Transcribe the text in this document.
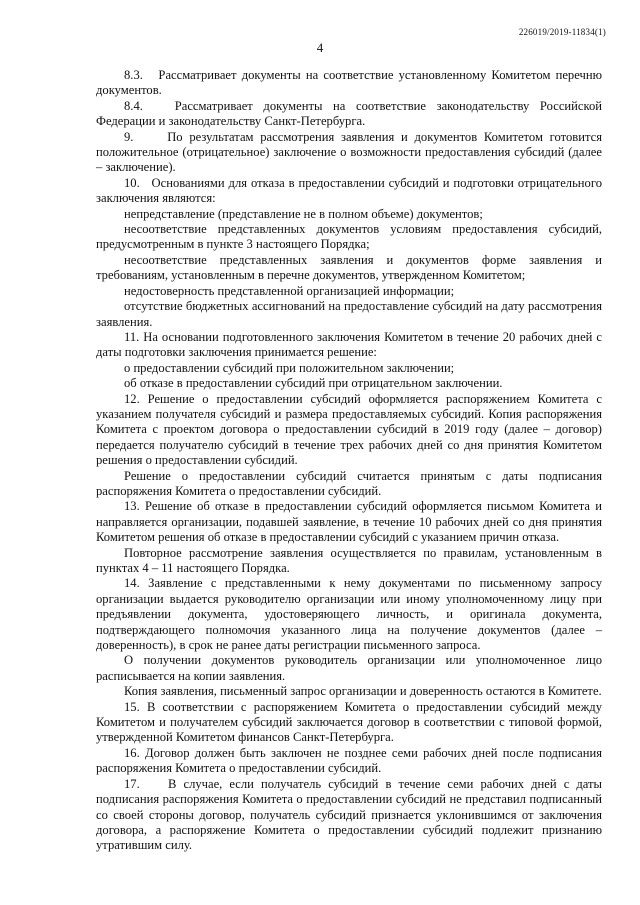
226019/2019-11834(1)
4

8.3.   Рассматривает документы на соответствие установленному Комитетом перечню документов.

8.4.   Рассматривает документы на соответствие законодательству Российской Федерации и законодательству Санкт-Петербурга.

9.     По результатам рассмотрения заявления и документов Комитетом готовится положительное (отрицательное) заключение о возможности предоставления субсидий (далее – заключение).

10.   Основаниями для отказа в предоставлении субсидий и подготовки отрицательного заключения являются:

непредставление (представление не в полном объеме) документов;

несоответствие представленных документов условиям предоставления субсидий, предусмотренным в пункте 3 настоящего Порядка;

несоответствие представленных заявления и документов форме заявления и требованиям, установленным в перечне документов, утвержденном Комитетом;

недостоверность представленной организацией информации;

отсутствие бюджетных ассигнований на предоставление субсидий на дату рассмотрения заявления.

11. На основании подготовленного заключения Комитетом в течение 20 рабочих дней с даты подготовки заключения принимается решение:

о предоставлении субсидий при положительном заключении;

об отказе в предоставлении субсидий при отрицательном заключении.

12. Решение о предоставлении субсидий оформляется распоряжением Комитета с указанием получателя субсидий и размера предоставляемых субсидий. Копия распоряжения Комитета с проектом договора о предоставлении субсидий в 2019 году (далее – договор) передается получателю субсидий в течение трех рабочих дней со дня принятия Комитетом решения о предоставлении субсидий.

Решение о предоставлении субсидий считается принятым с даты подписания распоряжения Комитета о предоставлении субсидий.

13. Решение об отказе в предоставлении субсидий оформляется письмом Комитета и направляется организации, подавшей заявление, в течение 10 рабочих дней со дня принятия Комитетом решения об отказе в предоставлении субсидий с указанием причин отказа.

Повторное рассмотрение заявления осуществляется по правилам, установленным в пунктах 4 – 11 настоящего Порядка.

14. Заявление с представленными к нему документами по письменному запросу организации выдается руководителю организации или иному уполномоченному лицу при предъявлении документа, удостоверяющего личность, и оригинала документа, подтверждающего полномочия указанного лица на получение документов (далее – доверенность), в срок не ранее даты регистрации письменного запроса.

О получении документов руководитель организации или уполномоченное лицо расписывается на копии заявления.

Копия заявления, письменный запрос организации и доверенность остаются в Комитете.

15. В соответствии с распоряжением Комитета о предоставлении субсидий между Комитетом и получателем субсидий заключается договор в соответствии с типовой формой, утвержденной Комитетом финансов Санкт-Петербурга.

16. Договор должен быть заключен не позднее семи рабочих дней после подписания распоряжения Комитета о предоставлении субсидий.

17.    В случае, если получатель субсидий в течение семи рабочих дней с даты подписания распоряжения Комитета о предоставлении субсидий не представил подписанный со своей стороны договор, получатель субсидий признается уклонившимся от заключения договора, а распоряжение Комитета о предоставлении субсидий подлежит признанию утратившим силу.
